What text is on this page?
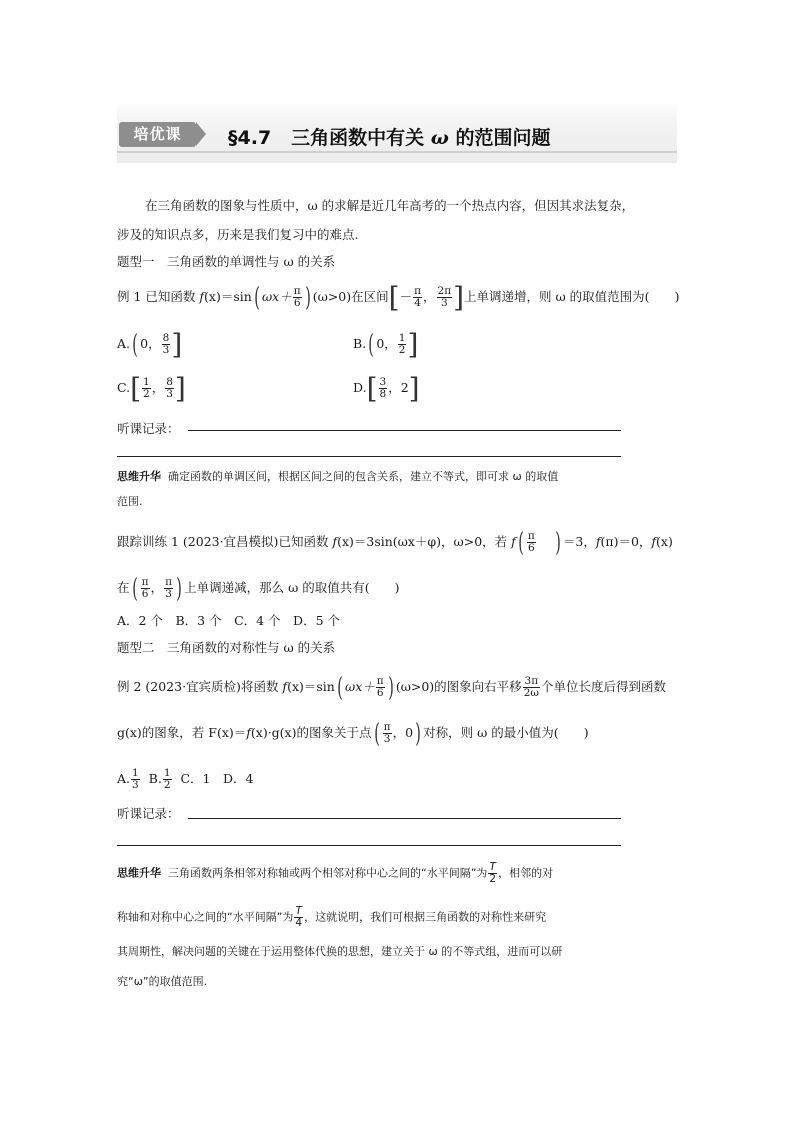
培优课	§4.7 三角函数中有关 ω 的范围问题
在三角函数的图象与性质中，ω 的求解是近几年高考的一个热点内容，但因其求法复杂，
涉及的知识点多，历来是我们复习中的难点.
题型一　三角函数的单调性与 ω 的关系
例 1 已知函数 f(x)＝sin( $\omega x+ \frac{\pi}{6}$ ) (ω>0)在区间[－ $\frac{\pi}{4}$ ， $\frac{2\pi}{3}$ ]上单调递增，则 ω 的取值范围为(　　)
A.( 0， $\frac{8}{3}$ ]	B.( 0， $\frac{1}{2}$ ]
$C.[ \frac{1}{2}$ ， $\frac{8}{3}$ ]	$D.[ \frac{3}{8}$ ，2]
听课记录：
思维升华 确定函数的单调区间，根据区间之间的包含关系，建立不等式，即可求 ω 的取值
范围.
跟踪训练 1 (2023·宜昌模拟)已知函数 f(x)＝3sin(ωx＋φ)，ω>0，若 $f( \frac{\pi}{6}$ ) ＝3，f(π)＝0，f(x)
在( $\frac{\pi}{6}$ ， $\frac{\pi}{3}$ ) 上单调递减，那么 ω 的取值共有(　　)
A．2 个　B．3 个　C．4 个　D．5 个
题型二　三角函数的对称性与 ω 的关系
例 2 (2023·宜宾质检)将函数 f(x)＝sin( $\omega x+ \frac{\pi}{6}$ ) (ω>0)的图象向右平移 $\frac{3\pi}{2\omega}$ 个单位长度后得到函数
g(x)的图象，若 F(x)＝f(x)·g(x)的图象关于点( $\frac{\pi}{3}$ ，0) 对称，则 ω 的最小值为(　　)
A. $\frac{1}{3} B$. $\frac{1}{2}$ C．1　D．4
听课记录：
思维升华 三角函数两条相邻对称轴或两个相邻对称中心之间的“水平间隔”为 $\frac{T}{2}$ ，相邻的对
称轴和对称中心之间的“水平间隔”为 $\frac{T}{4}$ ，这就说明，我们可根据三角函数的对称性来研究
其周期性，解决问题的关键在于运用整体代换的思想，建立关于 ω 的不等式组，进而可以研
究“ω”的取值范围.
